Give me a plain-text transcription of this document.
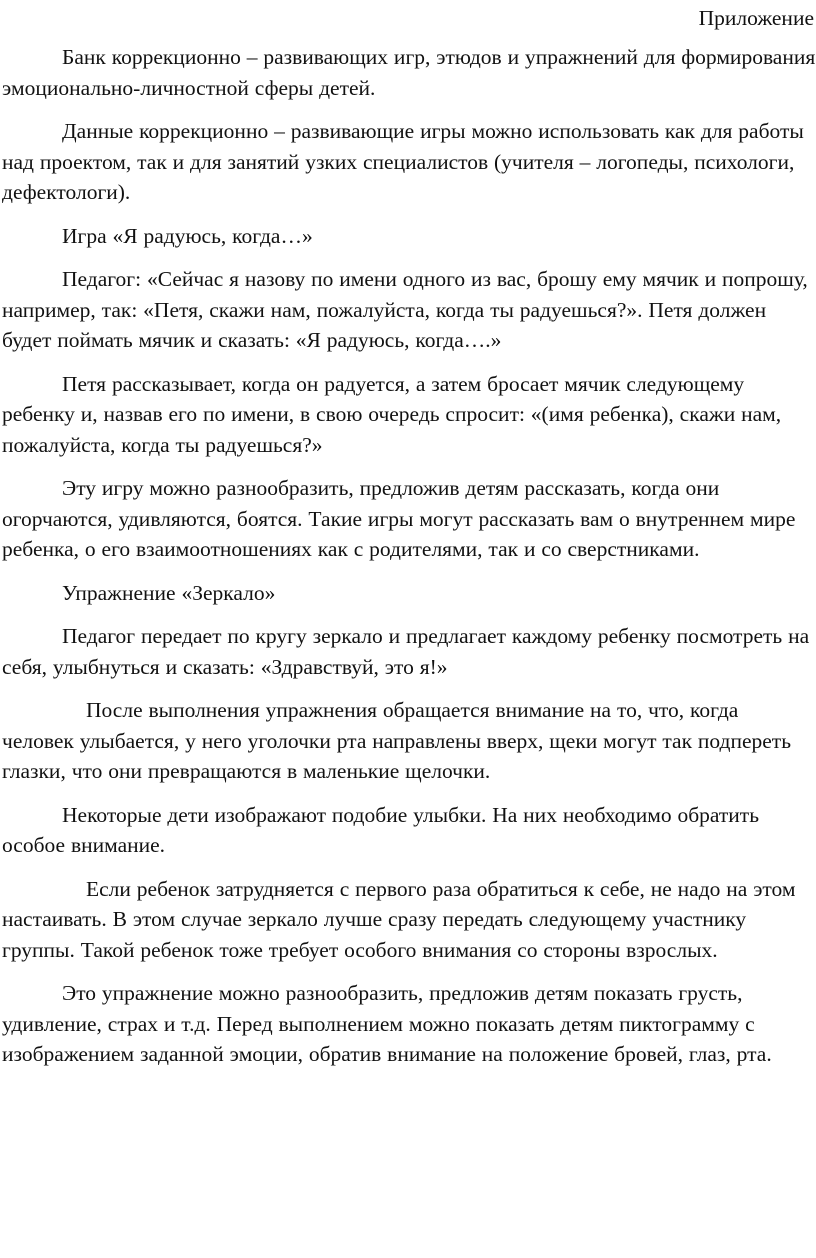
Приложение

Банк коррекционно – развивающих игр, этюдов и упражнений для формирования эмоционально-личностной сферы детей.

Данные коррекционно – развивающие игры можно использовать как для работы над проектом, так и для занятий узких специалистов (учителя – логопеды, психологи, дефектологи).

Игра «Я радуюсь, когда…»

Педагог: «Сейчас я назову по имени одного из вас, брошу ему мячик и попрошу, например, так: «Петя, скажи нам, пожалуйста, когда ты радуешься?». Петя должен будет поймать мячик и сказать: «Я радуюсь, когда….»

Петя рассказывает, когда он радуется, а затем бросает мячик следующему ребенку и, назвав его по имени, в свою очередь спросит: «(имя ребенка), скажи нам, пожалуйста, когда ты радуешься?»

Эту игру можно разнообразить, предложив детям рассказать, когда они огорчаются, удивляются, боятся. Такие игры могут рассказать вам о внутреннем мире ребенка, о его взаимоотношениях как с родителями, так и со сверстниками.

Упражнение «Зеркало»

Педагог передает по кругу зеркало и предлагает каждому ребенку посмотреть на себя, улыбнуться и сказать: «Здравствуй, это я!»

После выполнения упражнения обращается внимание на то, что, когда человек улыбается, у него уголочки рта направлены вверх, щеки могут так подпереть глазки, что они превращаются в маленькие щелочки.

Некоторые дети изображают подобие улыбки. На них необходимо обратить особое внимание.

Если ребенок затрудняется с первого раза обратиться к себе, не надо на этом настаивать. В этом случае зеркало лучше сразу передать следующему участнику группы. Такой ребенок тоже требует особого внимания со стороны взрослых.

Это упражнение можно разнообразить, предложив детям показать грусть, удивление, страх и т.д. Перед выполнением можно показать детям пиктограмму с изображением заданной эмоции, обратив внимание на положение бровей, глаз, рта.
